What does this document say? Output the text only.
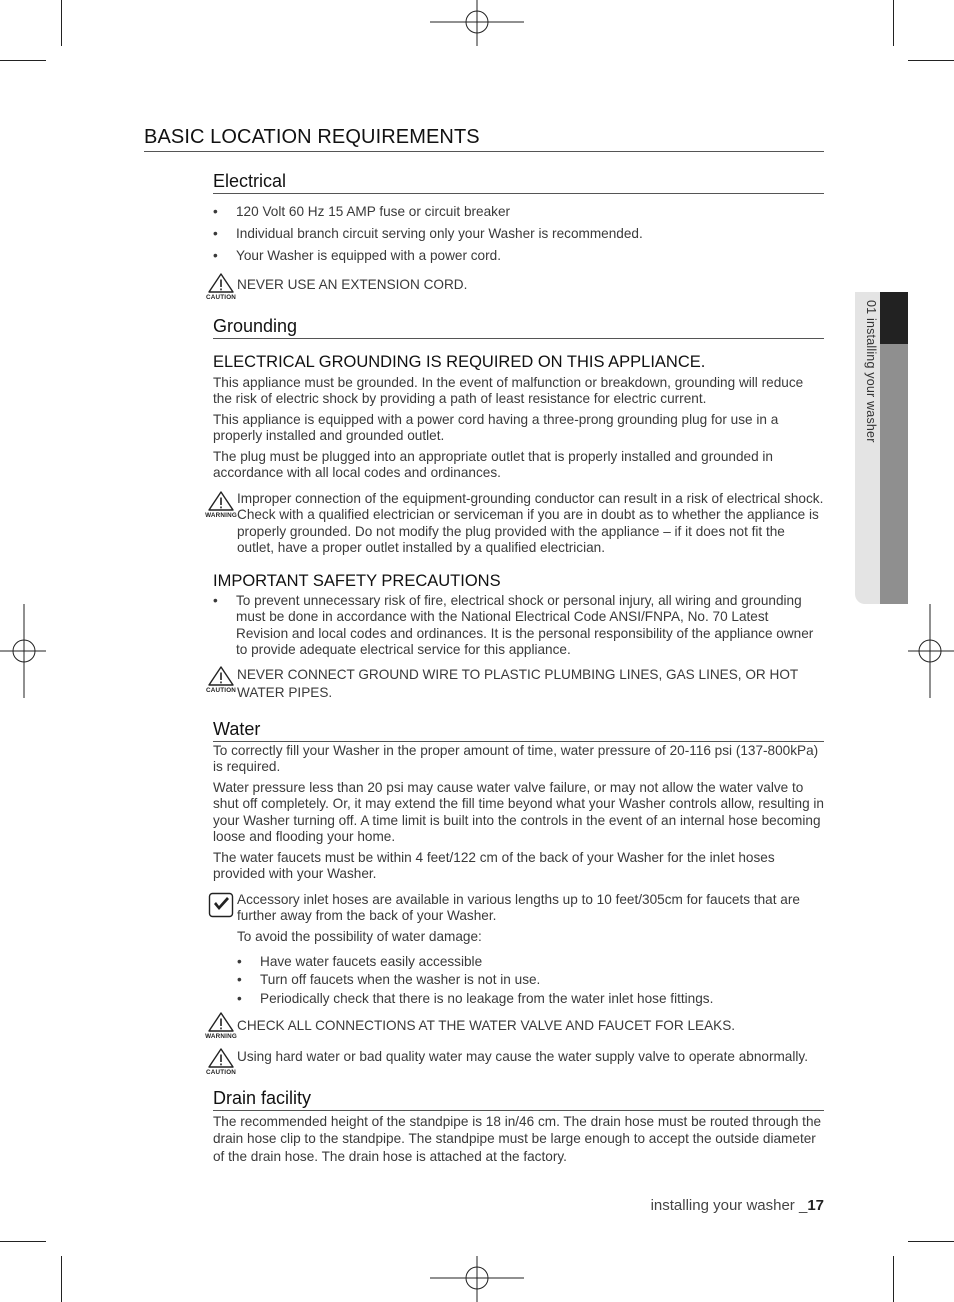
01 installing your washer
BASIC LOCATION REQUIREMENTS
Electrical
• 120 Volt 60 Hz 15 AMP fuse or circuit breaker
• Individual branch circuit serving only your Washer is recommended.
• Your Washer is equipped with a power cord.
CAUTION
NEVER USE AN EXTENSION CORD.
Grounding
ELECTRICAL GROUNDING IS REQUIRED ON THIS APPLIANCE.

This appliance must be grounded. In the event of malfunction or breakdown, grounding will reduce the risk of electric shock by providing a path of least resistance for electric current.

This appliance is equipped with a power cord having a three-prong grounding plug for use in a properly installed and grounded outlet.

The plug must be plugged into an appropriate outlet that is properly installed and grounded in accordance with all local codes and ordinances.

WARNING
Improper connection of the equipment-grounding conductor can result in a risk of electrical shock. Check with a qualified electrician or serviceman if you are in doubt as to whether the appliance is properly grounded. Do not modify the plug provided with the appliance – if it does not fit the outlet, have a proper outlet installed by a qualified electrician.
IMPORTANT SAFETY PRECAUTIONS
• To prevent unnecessary risk of fire, electrical shock or personal injury, all wiring and grounding must be done in accordance with the National Electrical Code ANSI/FNPA, No. 70 Latest Revision and local codes and ordinances. It is the personal responsibility of the appliance owner to provide adequate electrical service for this appliance.
CAUTION
NEVER CONNECT GROUND WIRE TO PLASTIC PLUMBING LINES, GAS LINES, OR HOT WATER PIPES.
Water

To correctly fill your Washer in the proper amount of time, water pressure of 20-116 psi (137-800kPa) is required.

Water pressure less than 20 psi may cause water valve failure, or may not allow the water valve to shut off completely. Or, it may extend the fill time beyond what your Washer controls allow, resulting in your Washer turning off. A time limit is built into the controls in the event of an internal hose becoming loose and flooding your home.

The water faucets must be within 4 feet/122 cm of the back of your Washer for the inlet hoses provided with your Washer.

Accessory inlet hoses are available in various lengths up to 10 feet/305cm for faucets that are further away from the back of your Washer.

To avoid the possibility of water damage:

• Have water faucets easily accessible
• Turn off faucets when the washer is not in use.
• Periodically check that there is no leakage from the water inlet hose fittings.
WARNING
CHECK ALL CONNECTIONS AT THE WATER VALVE AND FAUCET FOR LEAKS.
CAUTION
Using hard water or bad quality water may cause the water supply valve to operate abnormally.
Drain facility

The recommended height of the standpipe is 18 in/46 cm. The drain hose must be routed through the drain hose clip to the standpipe. The standpipe must be large enough to accept the outside diameter of the drain hose. The drain hose is attached at the factory.

installing your washer _17
